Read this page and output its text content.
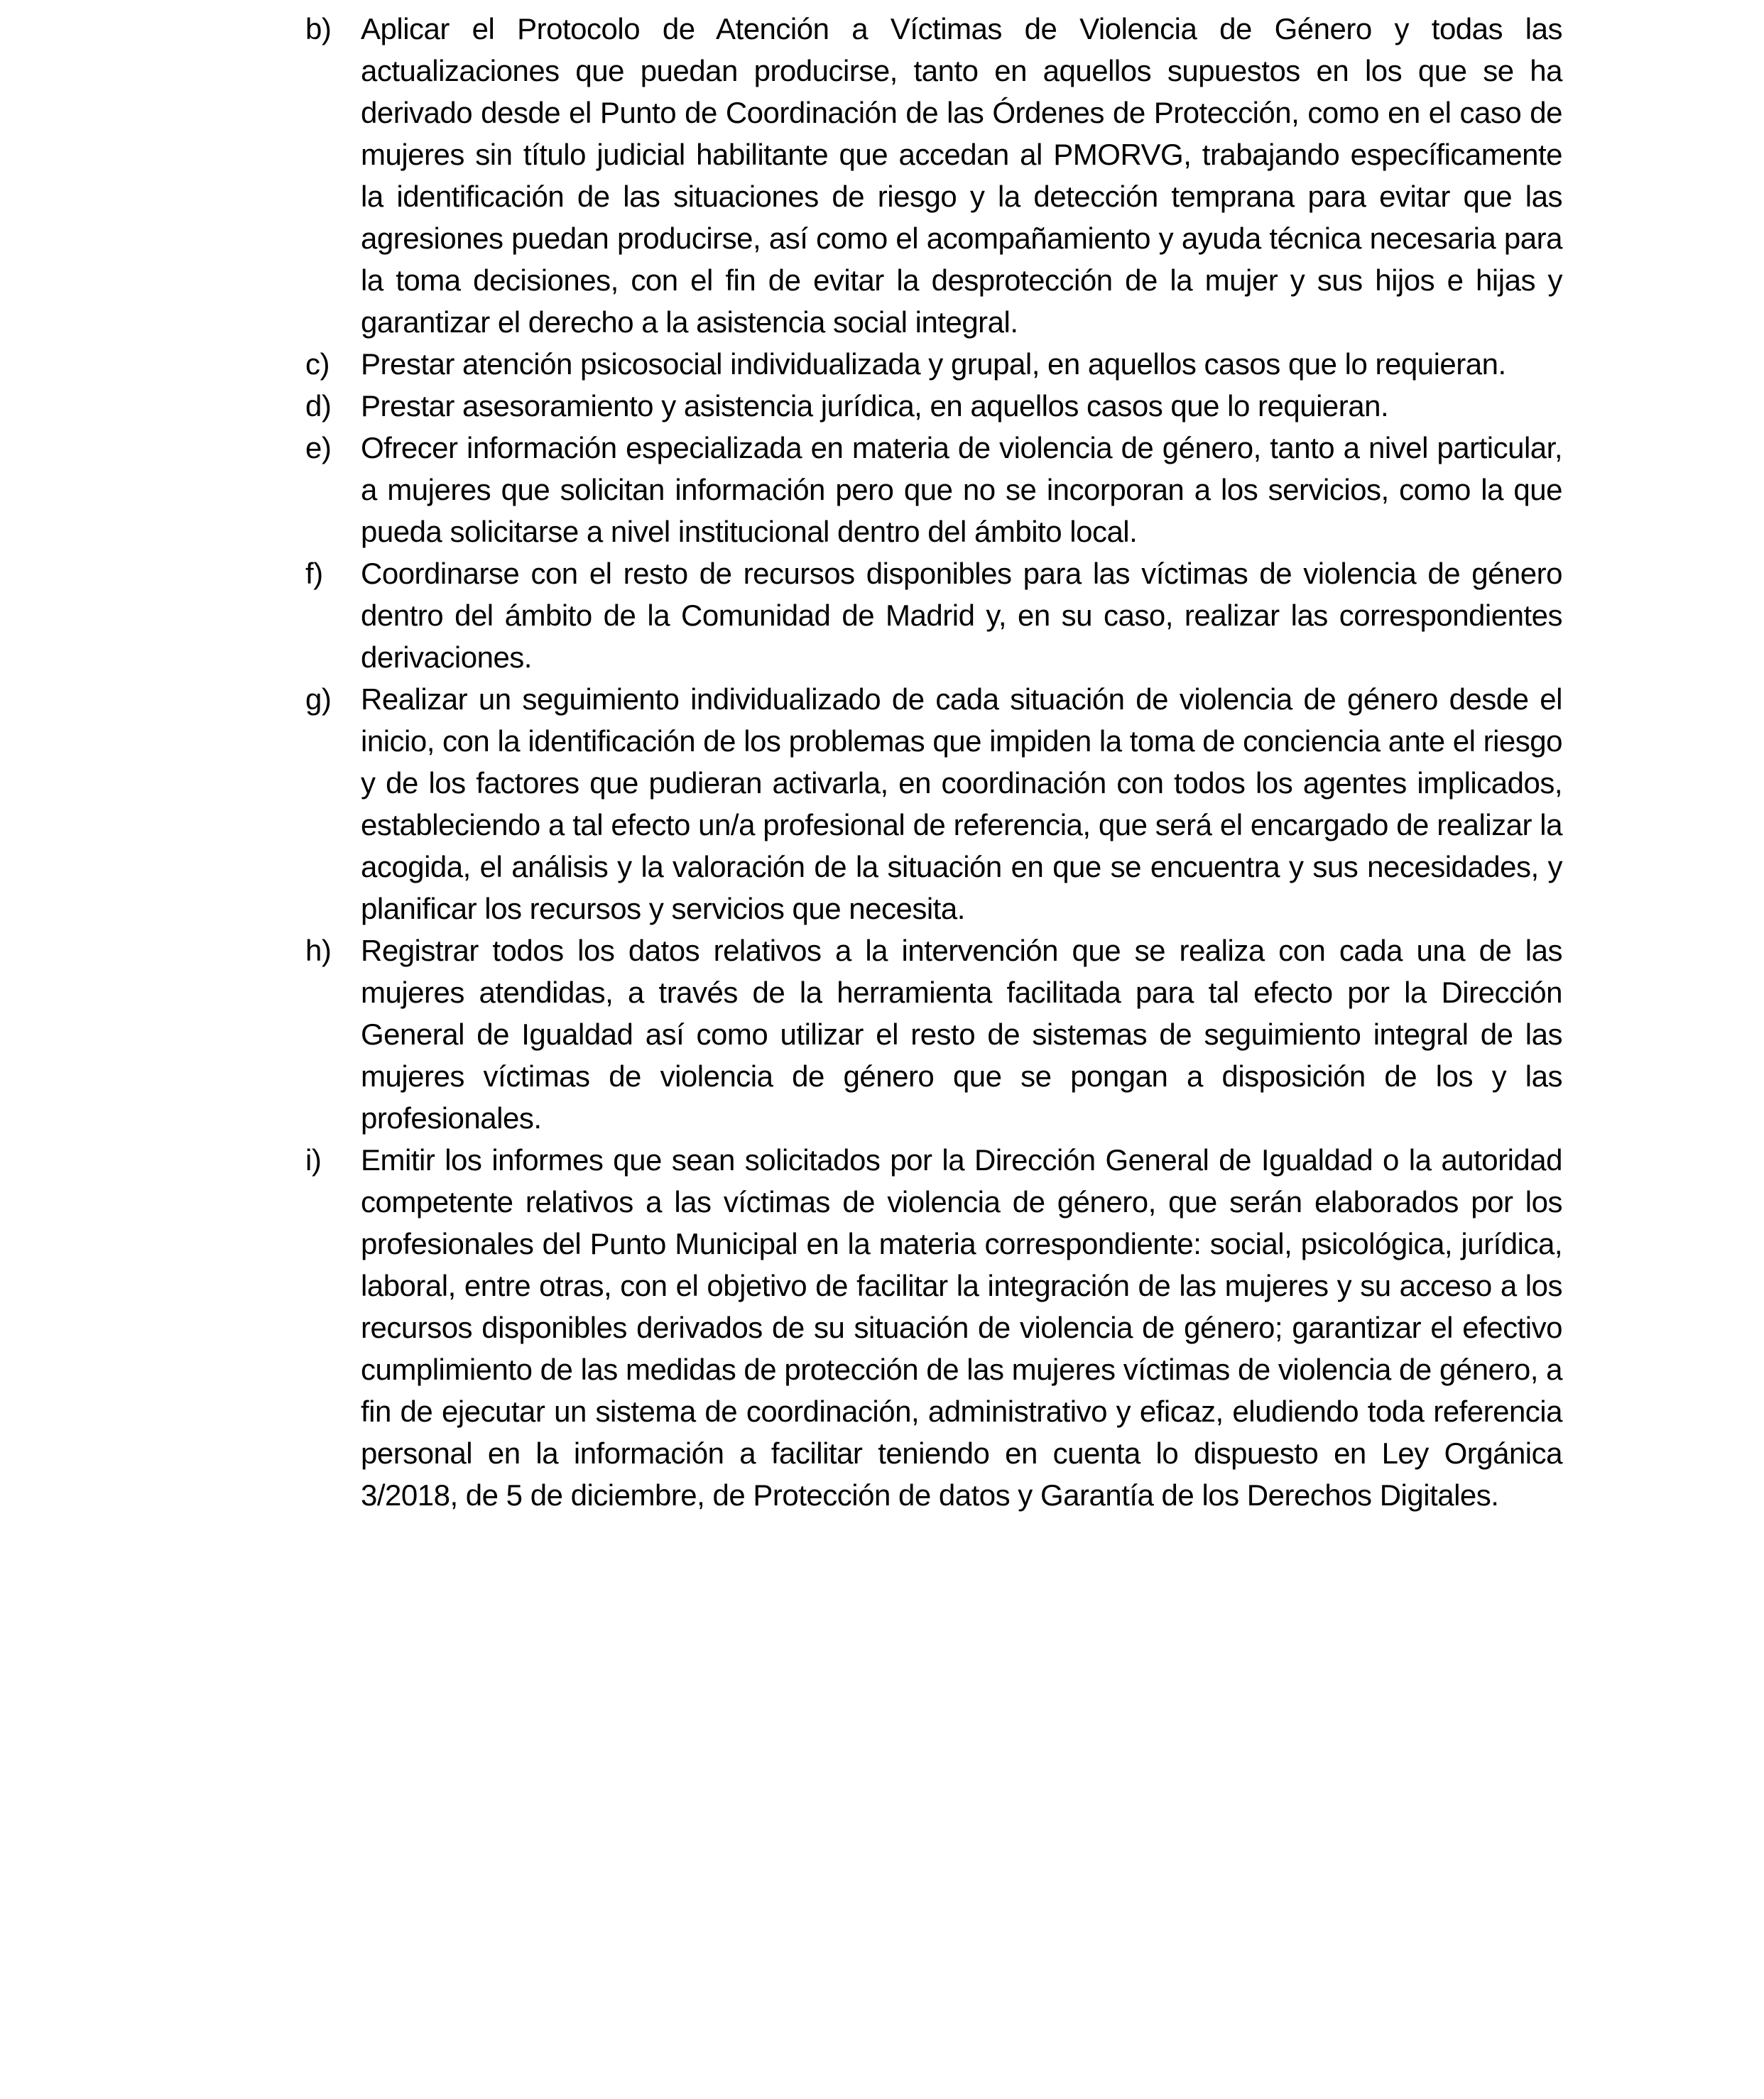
b) Aplicar el Protocolo de Atención a Víctimas de Violencia de Género y todas las actualizaciones que puedan producirse, tanto en aquellos supuestos en los que se ha derivado desde el Punto de Coordinación de las Órdenes de Protección, como en el caso de mujeres sin título judicial habilitante que accedan al PMORVG, trabajando específicamente la identificación de las situaciones de riesgo y la detección temprana para evitar que las agresiones puedan producirse, así como el acompañamiento y ayuda técnica necesaria para la toma decisiones, con el fin de evitar la desprotección de la mujer y sus hijos e hijas y garantizar el derecho a la asistencia social integral.
c) Prestar atención psicosocial individualizada y grupal, en aquellos casos que lo requieran.
d) Prestar asesoramiento y asistencia jurídica, en aquellos casos que lo requieran.
e) Ofrecer información especializada en materia de violencia de género, tanto a nivel particular, a mujeres que solicitan información pero que no se incorporan a los servicios, como la que pueda solicitarse a nivel institucional dentro del ámbito local.
f) Coordinarse con el resto de recursos disponibles para las víctimas de violencia de género dentro del ámbito de la Comunidad de Madrid y, en su caso, realizar las correspondientes derivaciones.
g) Realizar un seguimiento individualizado de cada situación de violencia de género desde el inicio, con la identificación de los problemas que impiden la toma de conciencia ante el riesgo y de los factores que pudieran activarla, en coordinación con todos los agentes implicados, estableciendo a tal efecto un/a profesional de referencia, que será el encargado de realizar la acogida, el análisis y la valoración de la situación en que se encuentra y sus necesidades, y planificar los recursos y servicios que necesita.
h) Registrar todos los datos relativos a la intervención que se realiza con cada una de las mujeres atendidas, a través de la herramienta facilitada para tal efecto por la Dirección General de Igualdad así como utilizar el resto de sistemas de seguimiento integral de las mujeres víctimas de violencia de género que se pongan a disposición de los y las profesionales.
i) Emitir los informes que sean solicitados por la Dirección General de Igualdad o la autoridad competente relativos a las víctimas de violencia de género, que serán elaborados por los profesionales del Punto Municipal en la materia correspondiente: social, psicológica, jurídica, laboral, entre otras, con el objetivo de facilitar la integración de las mujeres y su acceso a los recursos disponibles derivados de su situación de violencia de género; garantizar el efectivo cumplimiento de las medidas de protección de las mujeres víctimas de violencia de género, a fin de ejecutar un sistema de coordinación, administrativo y eficaz, eludiendo toda referencia personal en la información a facilitar teniendo en cuenta lo dispuesto en Ley Orgánica 3/2018, de 5 de diciembre, de Protección de datos y Garantía de los Derechos Digitales.
